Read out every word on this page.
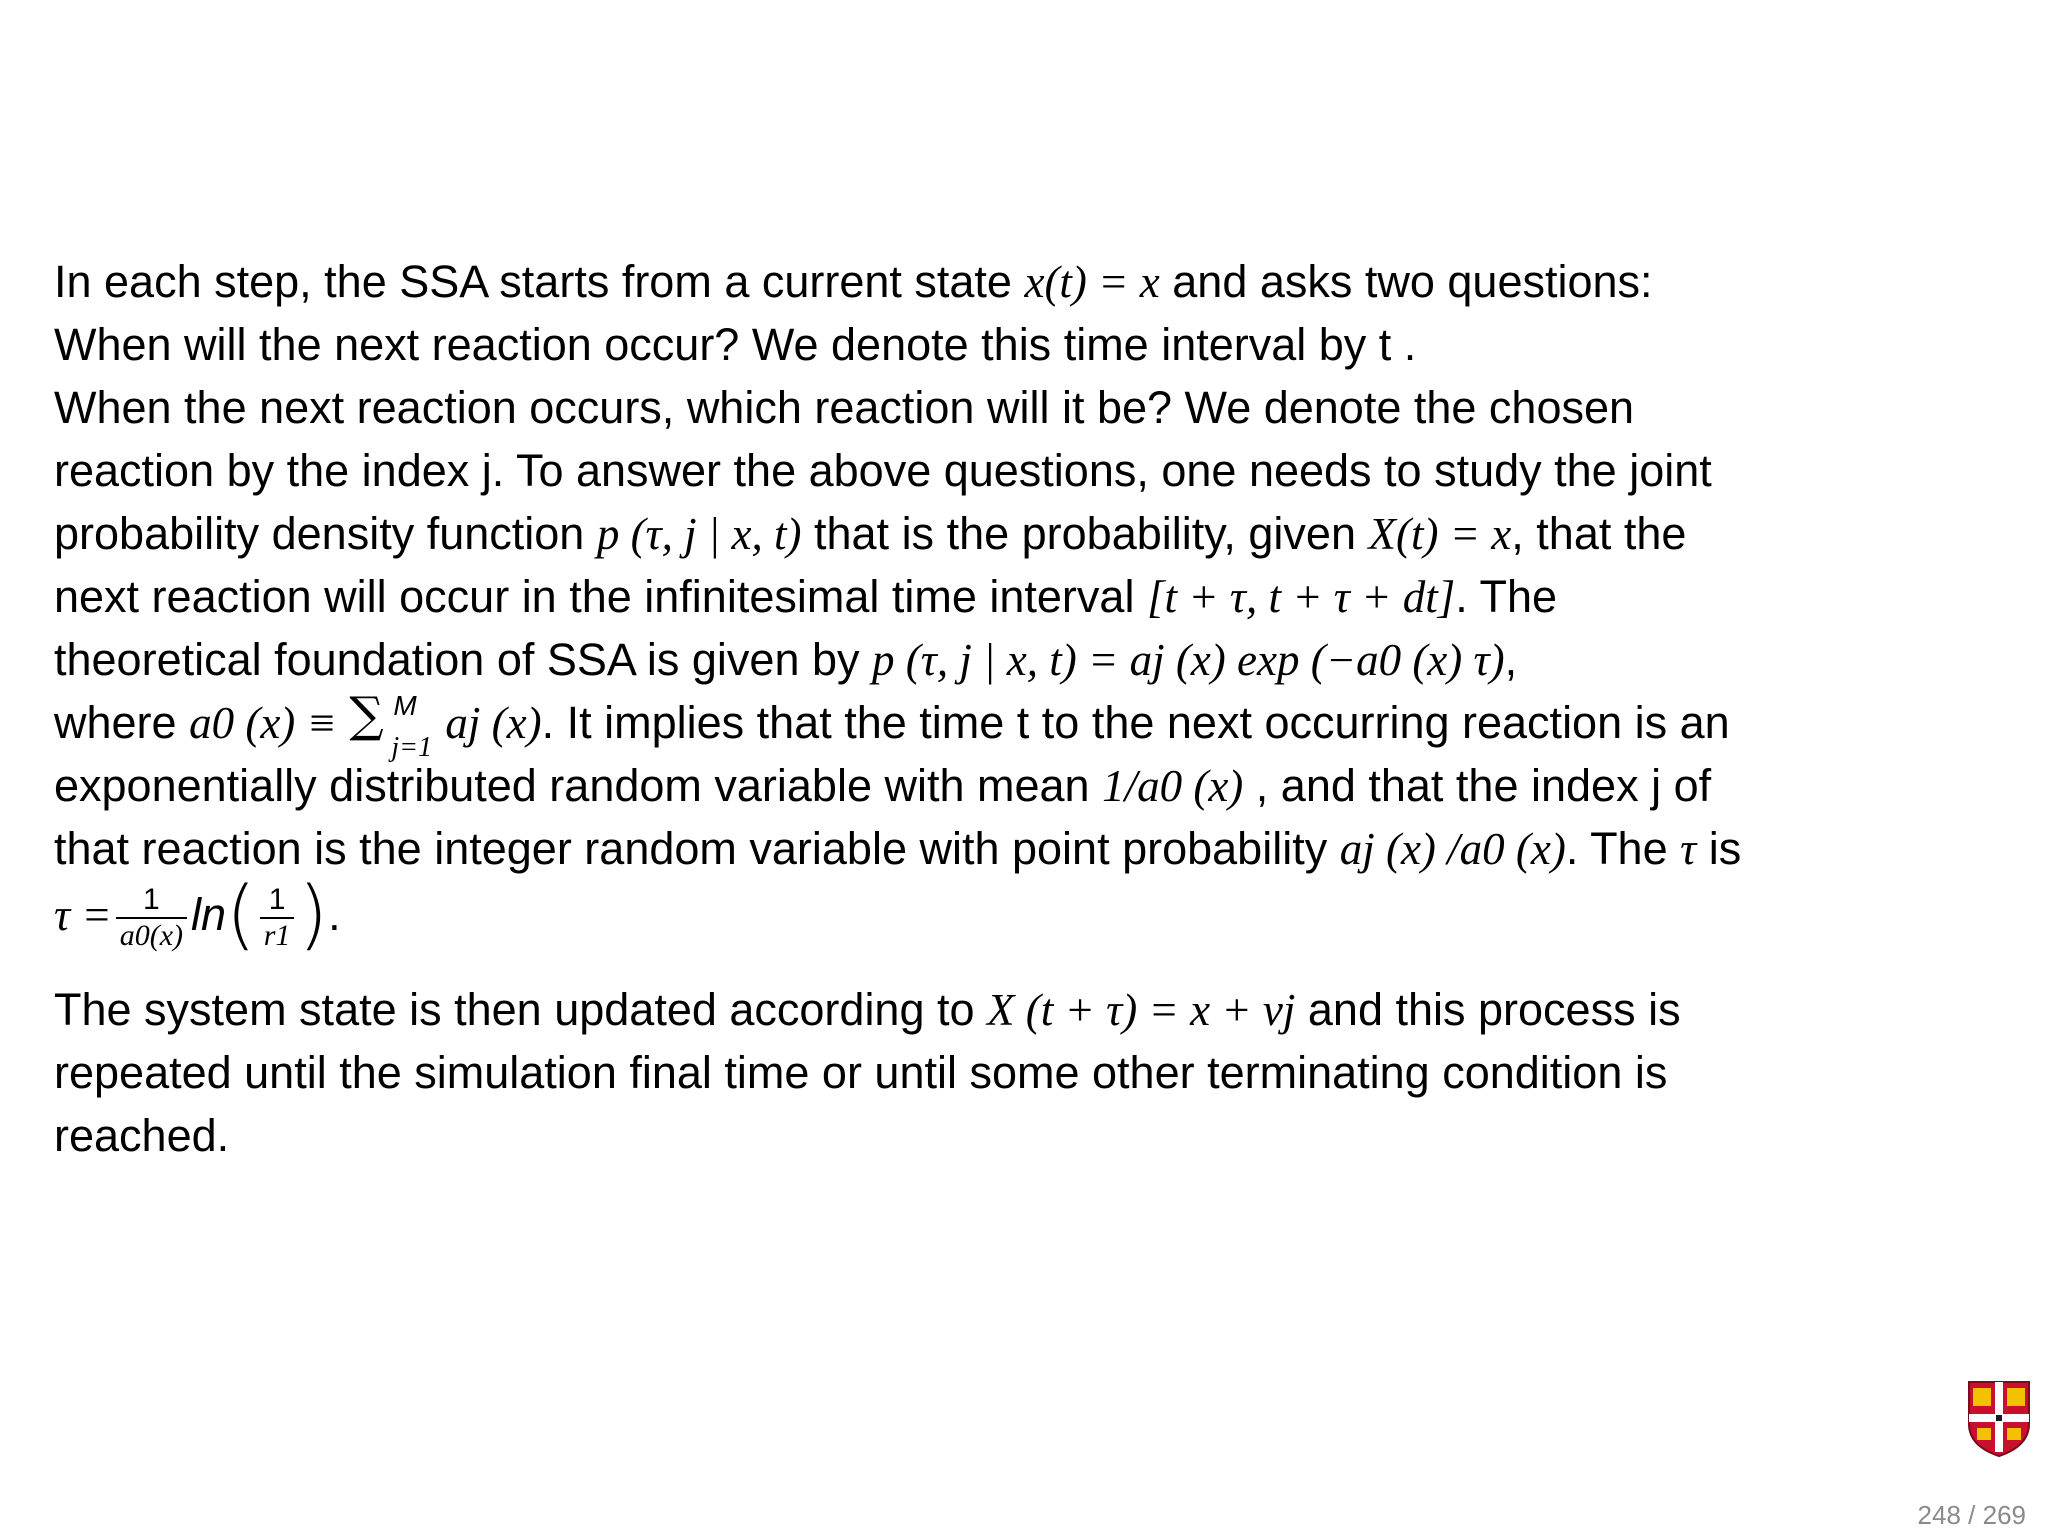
In each step, the SSA starts from a current state x(t) = x and asks two questions:
When will the next reaction occur? We denote this time interval by t .
When the next reaction occurs, which reaction will it be? We denote the chosen
reaction by the index j. To answer the above questions, one needs to study the joint
probability density function p (τ, j | x, t) that is the probability, given X(t) = x, that the
next reaction will occur in the infinitesimal time interval [t + τ, t + τ + dt]. The
theoretical foundation of SSA is given by p (τ, j | x, t) = aj (x) exp (−a0 (x) τ),
where a0 (x) ≡ ∑ M
j=1 aj (x). It implies that the time t to the next occurring reaction is an
exponentially distributed random variable with mean 1/a0 (x) , and that the index j of
that reaction is the integer random variable with point probability aj (x) /a0 (x). The τ is
$\tau = \frac{1}{a0(x)} \ln( \frac{1}{r1}$ ).
The system state is then updated according to X (t + τ) = x + νj and this process is
repeated until the simulation final time or until some other terminating condition is
reached.
248 / 269
